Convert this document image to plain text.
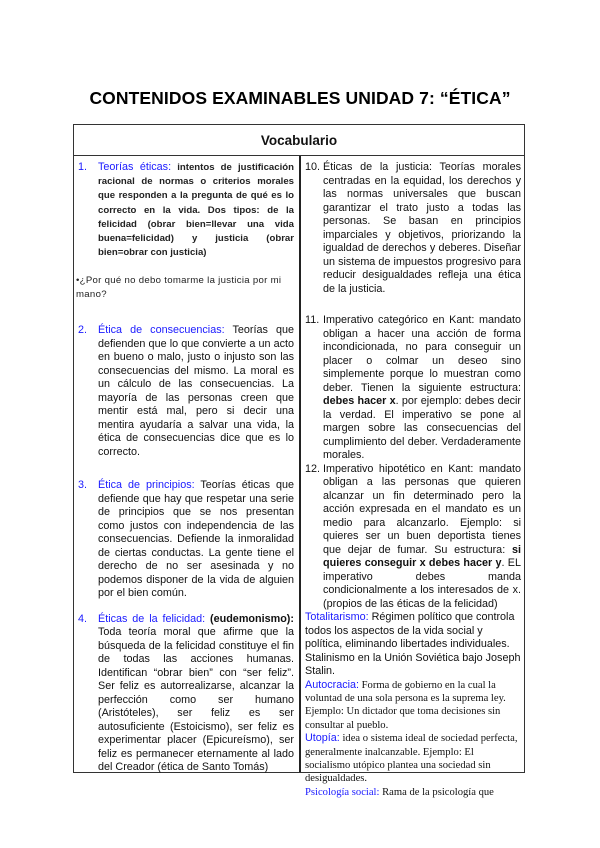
CONTENIDOS EXAMINABLES UNIDAD 7: “ÉTICA”
Vocabulario
1.	Teorías éticas: intentos de justificación racional de normas o criterios morales que responden a la pregunta de qué es lo correcto en la vida. Dos tipos: de la felicidad (obrar bien=llevar una vida buena=felicidad) y justicia (obrar bien=obrar con justicia)
•¿Por qué no debo tomarme la justicia por mi mano?
2.	Ética de consecuencias: Teorías que defienden que lo que convierte a un acto en bueno o malo, justo o injusto son las consecuencias del mismo. La moral es un cálculo de las consecuencias. La mayoría de las personas creen que mentir está mal, pero si decir una mentira ayudaría a salvar una vida, la ética de consecuencias dice que es lo correcto.
3.	Ética de principios: Teorías éticas que defiende que hay que respetar una serie de principios que se nos presentan como justos con independencia de las consecuencias. Defiende la inmoralidad de ciertas conductas. La gente tiene el derecho de no ser asesinada y no podemos disponer de la vida de alguien por el bien común.
4.	Éticas de la felicidad: (eudemonismo): Toda teoría moral que afirme que la búsqueda de la felicidad constituye el fin de todas las acciones humanas. Identifican “obrar bien” con “ser feliz”. Ser feliz es autorrealizarse, alcanzar la perfección como ser humano (Aristóteles), ser feliz es ser autosuficiente (Estoicismo), ser feliz es experimentar placer (Epicureísmo), ser feliz es permanecer eternamente al lado del Creador (ética de Santo Tomás)
10. Éticas de la justicia: Teorías morales centradas en la equidad, los derechos y las normas universales que buscan garantizar el trato justo a todas las personas. Se basan en principios imparciales y objetivos, priorizando la igualdad de derechos y deberes. Diseñar un sistema de impuestos progresivo para reducir desigualdades refleja una ética de la justicia.
11. Imperativo categórico en Kant: mandato obligan a hacer una acción de forma incondicionada, no para conseguir un placer o colmar un deseo sino simplemente porque lo muestran como deber. Tienen la siguiente estructura: debes hacer x. por ejemplo: debes decir la verdad. El imperativo se pone al margen sobre las consecuencias del cumplimiento del deber. Verdaderamente morales.
12. Imperativo hipotético en Kant: mandato obligan a las personas que quieren alcanzar un fin determinado pero la acción expresada en el mandato es un medio para alcanzarlo. Ejemplo: si quieres ser un buen deportista tienes que dejar de fumar. Su estructura: si quieres conseguir x debes hacer y. EL imperativo debes manda condicionalmente a los interesados de x. (propios de las éticas de la felicidad)
Totalitarismo: Régimen político que controla todos los aspectos de la vida social y política, eliminando libertades individuales. Stalinismo en la Unión Soviética bajo Joseph Stalin.
Autocracia: Forma de gobierno en la cual la voluntad de una sola persona es la suprema ley. Ejemplo: Un dictador que toma decisiones sin consultar al pueblo.
Utopía: idea o sistema ideal de sociedad perfecta, generalmente inalcanzable. Ejemplo: El socialismo utópico plantea una sociedad sin desigualdades.
Psicología social: Rama de la psicología que
